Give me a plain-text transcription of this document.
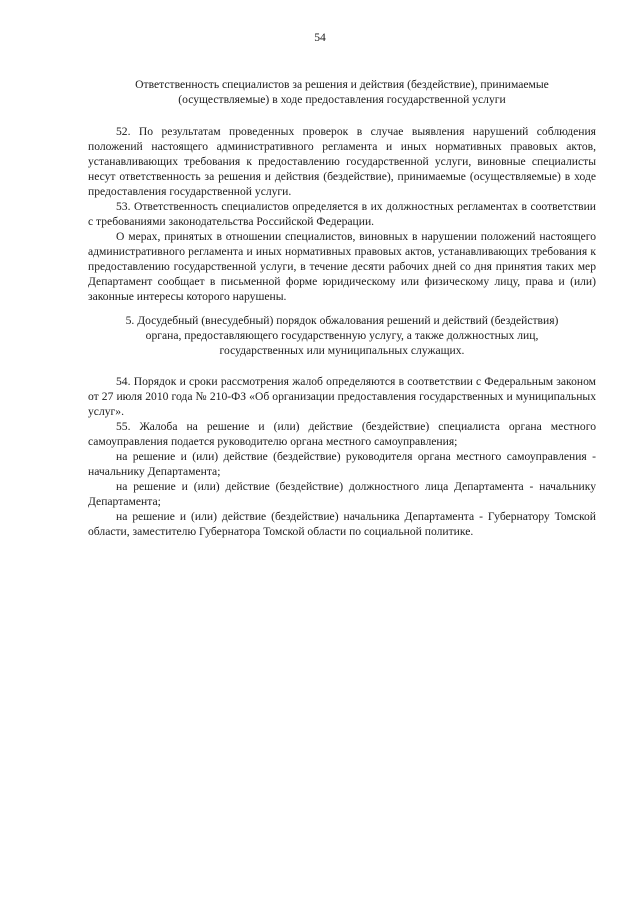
54

Ответственность специалистов за решения и действия (бездействие), принимаемые

(осуществляемые) в ходе предоставления государственной услуги

52. По результатам проведенных проверок в случае выявления нарушений соблюдения положений настоящего административного регламента и иных нормативных правовых актов, устанавливающих требования к предоставлению государственной услуги, виновные специалисты несут ответственность за решения и действия (бездействие), принимаемые (осуществляемые) в ходе предоставления государственной услуги.

53. Ответственность специалистов определяется в их должностных регламентах в соответствии с требованиями законодательства Российской Федерации.

О мерах, принятых в отношении специалистов, виновных в нарушении положений настоящего административного регламента и иных нормативных правовых актов, устанавливающих требования к предоставлению государственной услуги, в течение десяти рабочих дней со дня принятия таких мер Департамент сообщает в письменной форме юридическому или физическому лицу, права и (или) законные интересы которого нарушены.

5. Досудебный (внесудебный) порядок обжалования решений и действий (бездействия)

органа, предоставляющего государственную услугу, а также должностных лиц,

государственных или муниципальных служащих.

54. Порядок и сроки рассмотрения жалоб определяются в соответствии с Федеральным законом от 27 июля 2010 года № 210-ФЗ «Об организации предоставления государственных и муниципальных услуг».

55. Жалоба на решение и (или) действие (бездействие) специалиста органа местного самоуправления подается руководителю органа местного самоуправления;

на решение и (или) действие (бездействие) руководителя органа местного самоуправления - начальнику Департамента;

на решение и (или) действие (бездействие) должностного лица Департамента - начальнику Департамента;

на решение и (или) действие (бездействие) начальника Департамента - Губернатору Томской области, заместителю Губернатора Томской области по социальной политике.
